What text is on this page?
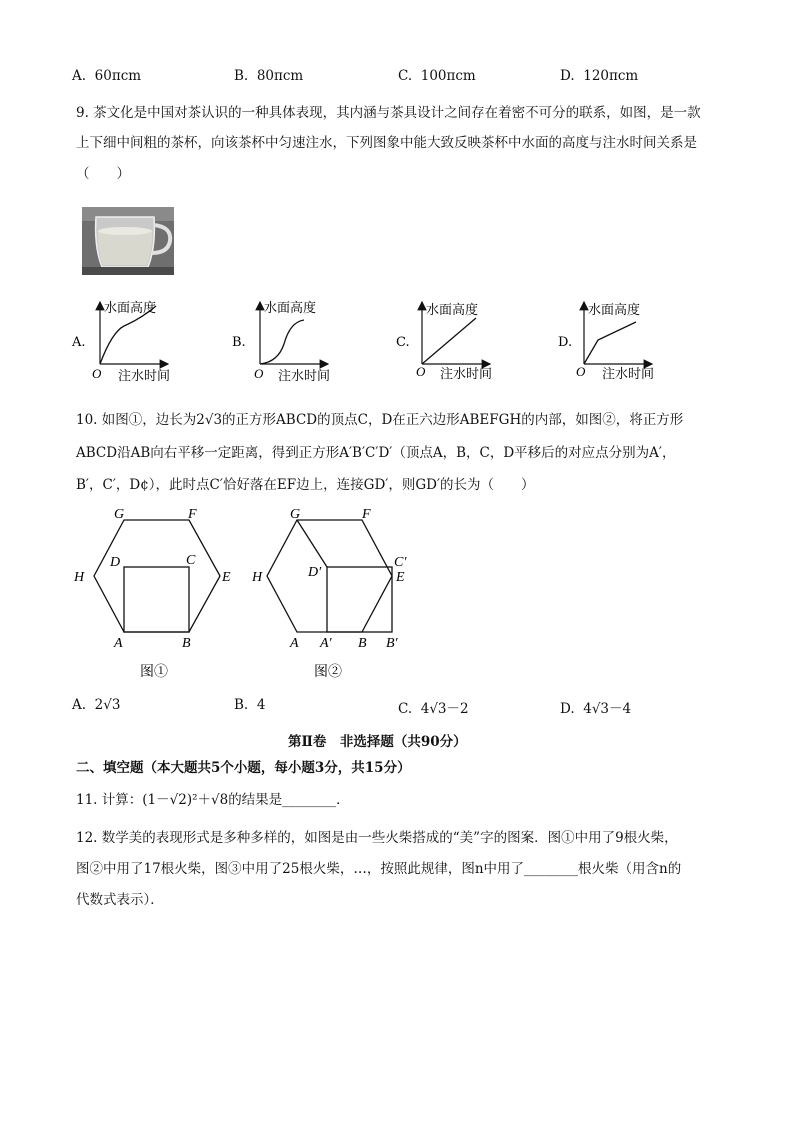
A. 60πcm	B. 80πcm	C. 100πcm	D. 120πcm
9. 茶文化是中国对茶认识的一种具体表现，其内涵与茶具设计之间存在着密不可分的联系，如图，是一款
上下细中间粗的茶杯，向该茶杯中匀速注水，下列图象中能大致反映茶杯中水面的高度与注水时间关系是
（　　）
A.
水面高度
注水时间
O
B.
水面高度
注水时间
O
C.
水面高度
注水时间
O
D.
水面高度
注水时间
O
10. 如图①，边长为2√3的正方形ABCD的顶点C，D在正六边形ABEFGH的内部，如图②，将正方形
ABCD沿AB向右平移一定距离，得到正方形A′B′C′D′（顶点A，B，C，D平移后的对应点分别为A′，
B′，C′，D¢），此时点C′恰好落在EF边上，连接GD′，则GD′的长为（　　）
G	F
D	C
H	E
A	B
图①
G	F
D′
C′
H	E
A A′ B B′
图②
A. 2√3	B. 4	C. 4√3－2	D. 4√3－4
第Ⅱ卷　非选择题（共90分）
二、填空题（本大题共5个小题，每小题3分，共15分）
11. 计算：(1－√2)²＋√8的结果是________．
12. 数学美的表现形式是多种多样的，如图是由一些火柴搭成的“美”字的图案．图①中用了9根火柴，
图②中用了17根火柴，图③中用了25根火柴，…，按照此规律，图n中用了________根火柴（用含n的
代数式表示）．
